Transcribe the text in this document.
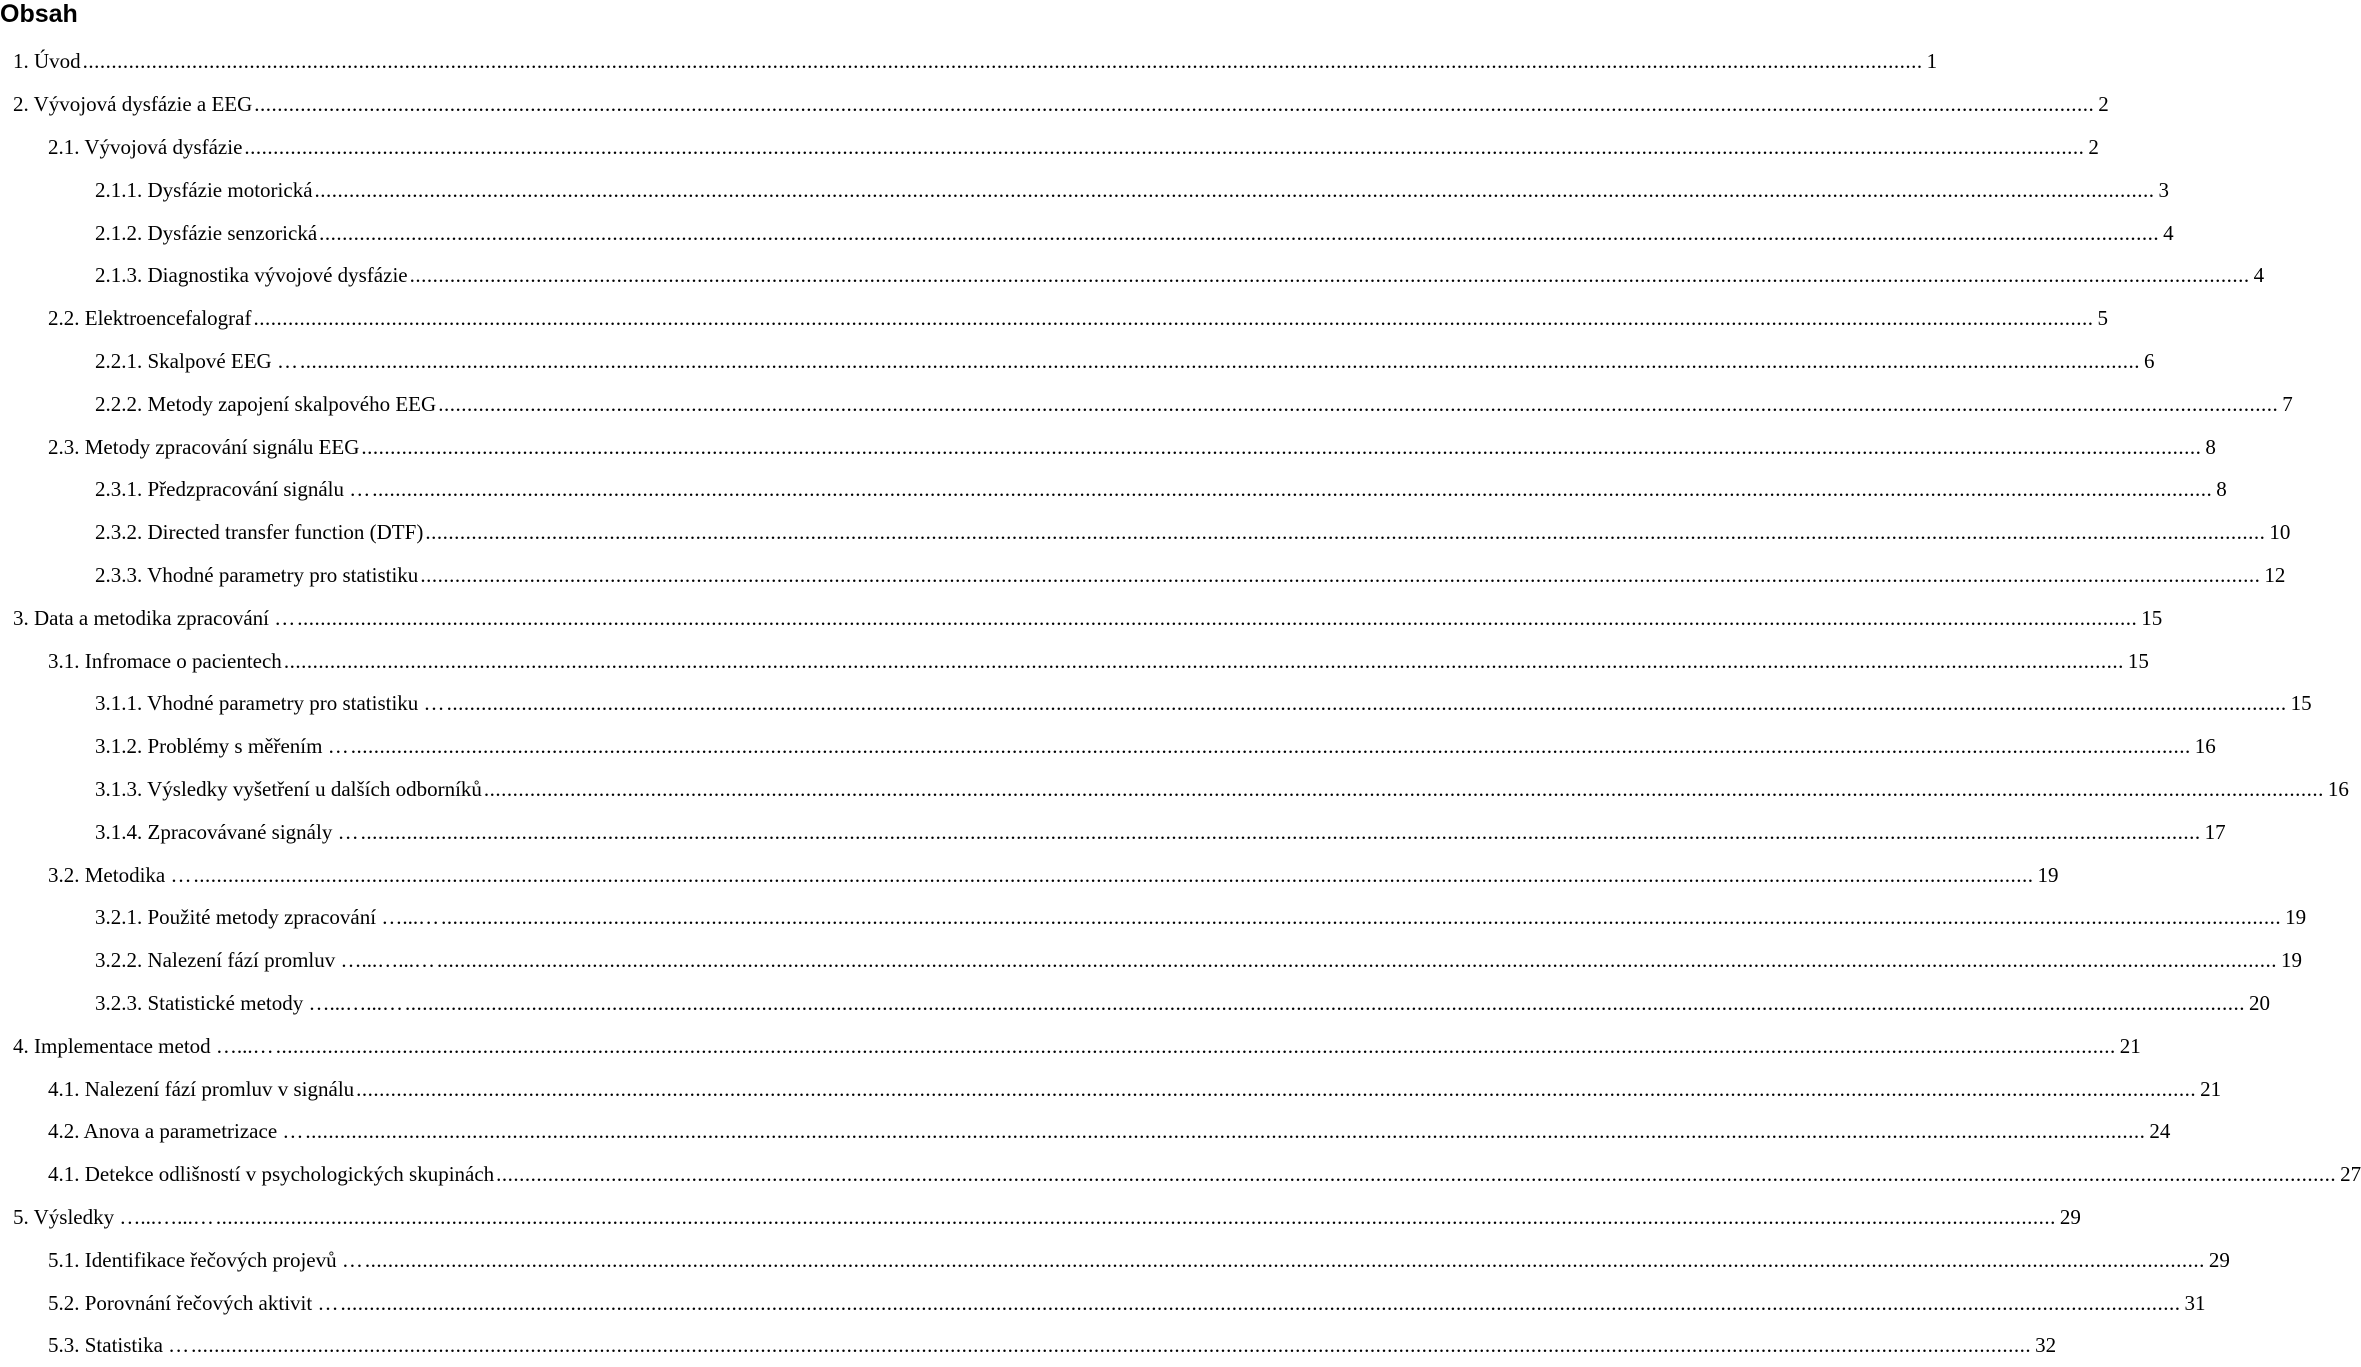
Obsah
1. Úvod .....	1
2. Vývojová dysfázie a EEG .....	2
2.1. Vývojová dysfázie .....	2
2.1.1. Dysfázie motorická .....	3
2.1.2. Dysfázie senzorická .....	4
2.1.3. Diagnostika vývojové dysfázie .....	4
2.2. Elektroencefalograf .....	5
2.2.1. Skalpové EEG … .....	6
2.2.2. Metody zapojení skalpového EEG .....	7
2.3. Metody zpracování signálu EEG .....	8
2.3.1. Předzpracování signálu … .....	8
2.3.2. Directed transfer function (DTF) .....	10
2.3.3. Vhodné parametry pro statistiku .....	12
3. Data a metodika zpracování … .....	15
3.1. Infromace o pacientech .....	15
3.1.1. Vhodné parametry pro statistiku … .....	15
3.1.2. Problémy s měřením … .....	16
3.1.3. Výsledky vyšetření u dalších odborníků .....	16
3.1.4. Zpracovávané signály … .....	17
3.2. Metodika … .....	19
3.2.1. Použité metody zpracování …...… .....	19
3.2.2. Nalezení fází promluv …...…...… .....	19
3.2.3. Statistické metody …...…...… .....	20
4. Implementace metod …...… .....	21
4.1. Nalezení fází promluv v signálu .....	21
4.2. Anova a parametrizace … .....	24
4.1. Detekce odlišností v psychologických skupinách .....	27
5. Výsledky …...…...… .....	29
5.1. Identifikace řečových projevů … .....	29
5.2. Porovnání řečových aktivit … .....	31
5.3. Statistika … .....	32
